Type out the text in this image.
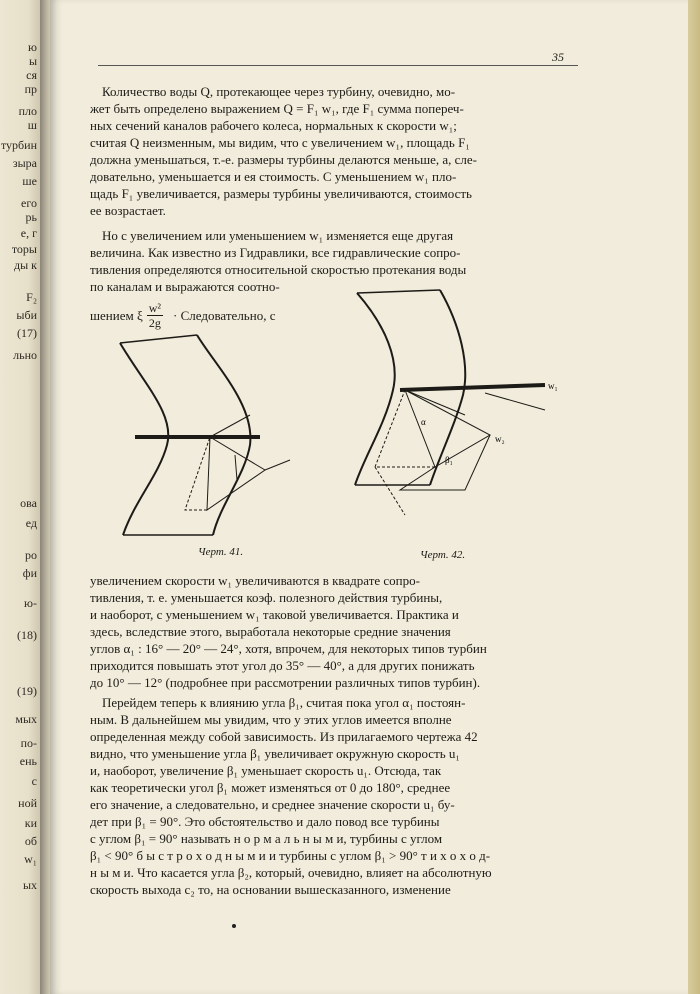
ю
ы
ся
пр
пло
ш
турбин
зыра
ше
его
рь
е, г
торы
ды к
F₂
ыби
(17)
льно
ова
ед
ро
фи
ю-
(18)
(19)
мых
по-
ень
с
ной
ки
об
w₁
ых
35
Количество воды Q, протекающее через турбину, очевидно, мо-
жет быть определено выражением Q = F₁ w₁, где F₁ сумма попереч-
ных сечений каналов рабочего колеса, нормальных к скорости w₁;
считая Q неизменным, мы видим, что с увеличением w₁, площадь F₁
должна уменьшаться, т.-е. размеры турбины делаются меньше, а, сле-
довательно, уменьшается и ея стоимость. С уменьшением w₁ пло-
щадь F₁ увеличивается, размеры турбины увеличиваются, стоимость
ее возрастает.
Но с увеличением или уменьшением w₁ изменяется еще другая
величина. Как известно из Гидравлики, все гидравлические сопро-
тивления определяются относительной скоростью протекания воды
по каналам и выражаются соотно-
шением ξ $\frac{\text{w²}}{2g}$ · Следовательно, с
Черт. 41.
w₁
w₂
α
β₁
Черт. 42.
увеличением скорости w₁ увеличиваются в квадрате сопро-
тивления, т. е. уменьшается коэф. полезного действия турбины,
и наоборот, с уменьшением w₁ таковой увеличивается. Практика и
здесь, вследствие этого, выработала некоторые средние значения
углов α₁ : 16° — 20° — 24°, хотя, впрочем, для некоторых типов турбин
приходится повышать этот угол до 35° — 40°, а для других понижать
до 10° — 12° (подробнее при рассмотрении различных типов турбин).
Перейдем теперь к влиянию угла β₁, считая пока угол α₁ постоян-
ным. В дальнейшем мы увидим, что у этих углов имеется вполне
определенная между собой зависимость. Из прилагаемого чертежа 42
видно, что уменьшение угла β₁ увеличивает окружную скорость u₁
и, наоборот, увеличение β₁ уменьшает скорость u₁. Отсюда, так
как теоретически угол β₁ может изменяться от 0 до 180°, среднее
его значение, а следовательно, и среднее значение скорости u₁ бу-
дет при β₁ = 90°. Это обстоятельство и дало повод все турбины
с углом β₁ = 90° называть н о р м а л ь н ы м и, турбины с углом
β₁ < 90° б ы с т р о х о д н ы м и и турбины с углом β₁ > 90° т и х о х о д-
н ы м и. Что касается угла β₂, который, очевидно, влияет на абсолютную
скорость выхода c₂ то, на основании вышесказанного, изменение
